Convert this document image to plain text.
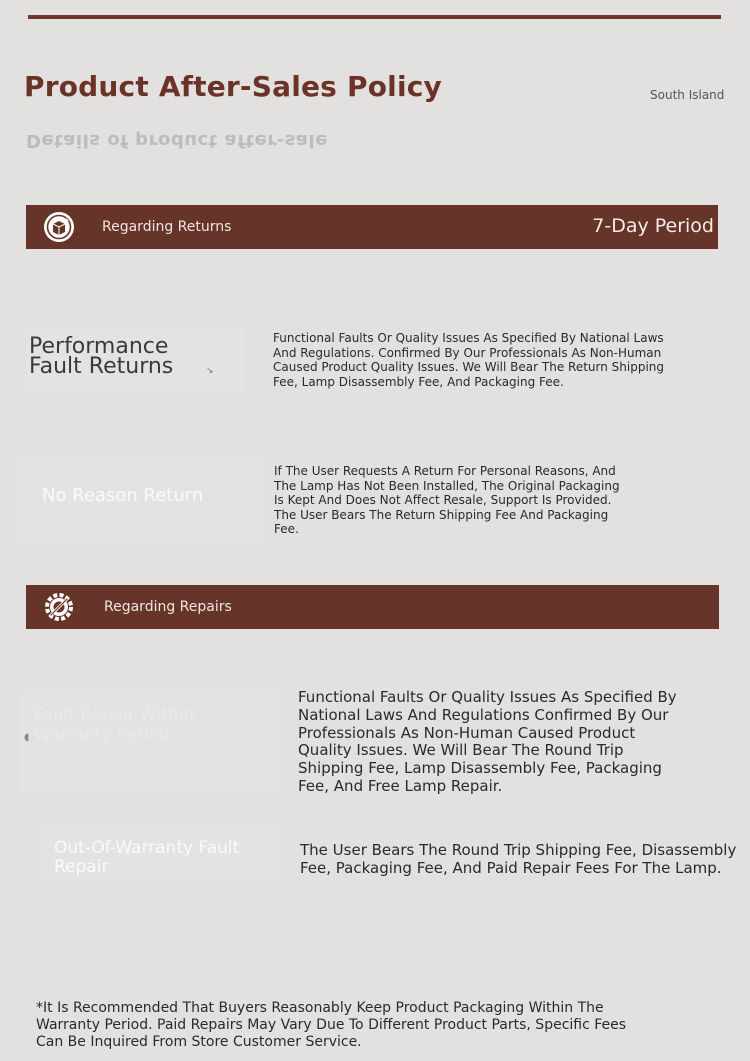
Product After-Sales Policy	South Island
Details of product after-sale
Regarding Returns	7-Day Period
Performance Fault Returns	↘
Functional Faults Or Quality Issues As Specified By National Laws And Regulations. Confirmed By Our Professionals As Non-Human Caused Product Quality Issues. We Will Bear The Return Shipping Fee, Lamp Disassembly Fee, And Packaging Fee.
No Reason Return
If The User Requests A Return For Personal Reasons, And The Lamp Has Not Been Installed, The Original Packaging Is Kept And Does Not Affect Resale, Support Is Provided. The User Bears The Return Shipping Fee And Packaging Fee.
Regarding Repairs
Fault Repair Within Warranty Period
◖
Functional Faults Or Quality Issues As Specified By National Laws And Regulations Confirmed By Our Professionals As Non-Human Caused Product Quality Issues. We Will Bear The Round Trip Shipping Fee, Lamp Disassembly Fee, Packaging Fee, And Free Lamp Repair.
Out-Of-Warranty Fault Repair
The User Bears The Round Trip Shipping Fee, Disassembly Fee, Packaging Fee, And Paid Repair Fees For The Lamp.
*It Is Recommended That Buyers Reasonably Keep Product Packaging Within The Warranty Period. Paid Repairs May Vary Due To Different Product Parts, Specific Fees Can Be Inquired From Store Customer Service.
